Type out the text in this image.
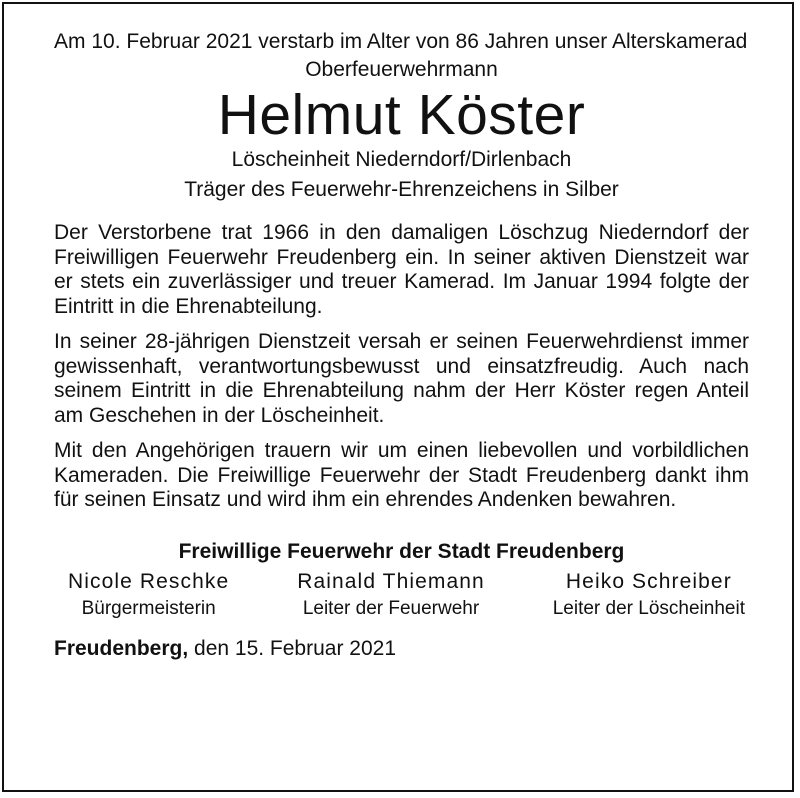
Am 10. Februar 2021 verstarb im Alter von 86 Jahren unser Alterskamerad

Oberfeuerwehrmann
Helmut Köster
Löscheinheit Niederndorf/Dirlenbach
Träger des Feuerwehr-Ehrenzeichens in Silber

Der Verstorbene trat 1966 in den damaligen Löschzug Niederndorf der Freiwilligen Feuerwehr Freudenberg ein. In seiner aktiven Dienstzeit war er stets ein zuverlässiger und treuer Kamerad. Im Januar 1994 folgte der Eintritt in die Ehrenabteilung.

In seiner 28-jährigen Dienstzeit versah er seinen Feuerwehrdienst immer gewissenhaft, verantwortungsbewusst und einsatzfreudig. Auch nach seinem Eintritt in die Ehrenabteilung nahm der Herr Köster regen Anteil am Geschehen in der Löscheinheit.

Mit den Angehörigen trauern wir um einen liebevollen und vorbildlichen Kameraden. Die Freiwillige Feuerwehr der Stadt Freudenberg dankt ihm für seinen Einsatz und wird ihm ein ehrendes Andenken bewahren.

Freiwillige Feuerwehr der Stadt Freudenberg
Nicole Reschke
Bürgermeisterin
Rainald Thiemann
Leiter der Feuerwehr
Heiko Schreiber
Leiter der Löscheinheit
Freudenberg, den 15. Februar 2021
